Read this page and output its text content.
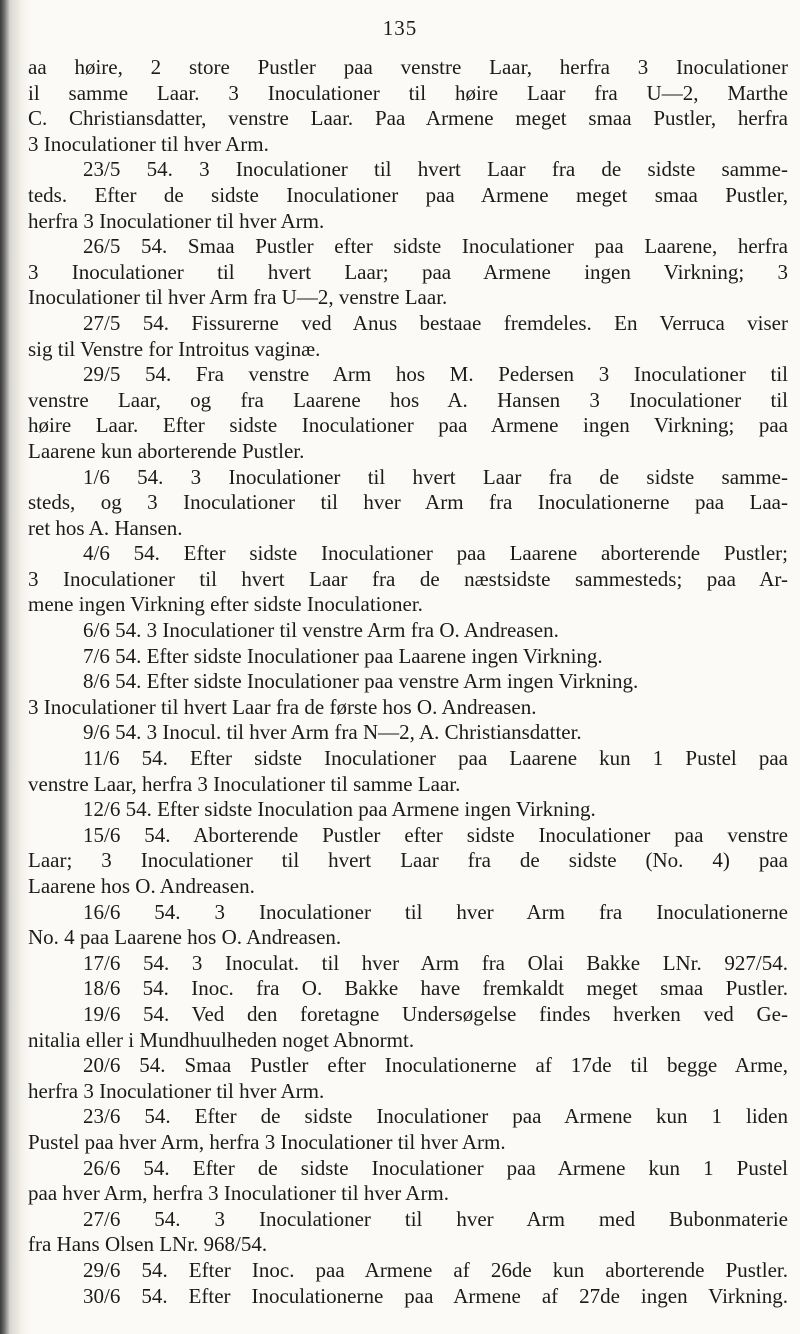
135
aa høire, 2 store Pustler paa venstre Laar, herfra 3 Inoculationer
il samme Laar. 3 Inoculationer til høire Laar fra U—2, Marthe
C. Christiansdatter, venstre Laar. Paa Armene meget smaa Pustler, herfra
3 Inoculationer til hver Arm.
23/5 54. 3 Inoculationer til hvert Laar fra de sidste samme-
teds. Efter de sidste Inoculationer paa Armene meget smaa Pustler,
herfra 3 Inoculationer til hver Arm.
26/5 54. Smaa Pustler efter sidste Inoculationer paa Laarene, herfra
3 Inoculationer til hvert Laar; paa Armene ingen Virkning; 3
Inoculationer til hver Arm fra U—2, venstre Laar.
27/5 54. Fissurerne ved Anus bestaae fremdeles. En Verruca viser
sig til Venstre for Introitus vaginæ.
29/5 54. Fra venstre Arm hos M. Pedersen 3 Inoculationer til
venstre Laar, og fra Laarene hos A. Hansen 3 Inoculationer til
høire Laar. Efter sidste Inoculationer paa Armene ingen Virkning; paa
Laarene kun aborterende Pustler.
1/6 54. 3 Inoculationer til hvert Laar fra de sidste samme-
steds, og 3 Inoculationer til hver Arm fra Inoculationerne paa Laa-
ret hos A. Hansen.
4/6 54. Efter sidste Inoculationer paa Laarene aborterende Pustler;
3 Inoculationer til hvert Laar fra de næstsidste sammesteds; paa Ar-
mene ingen Virkning efter sidste Inoculationer.
6/6 54. 3 Inoculationer til venstre Arm fra O. Andreasen.
7/6 54. Efter sidste Inoculationer paa Laarene ingen Virkning.
8/6 54. Efter sidste Inoculationer paa venstre Arm ingen Virkning.
3 Inoculationer til hvert Laar fra de første hos O. Andreasen.
9/6 54. 3 Inocul. til hver Arm fra N—2, A. Christiansdatter.
11/6 54. Efter sidste Inoculationer paa Laarene kun 1 Pustel paa
venstre Laar, herfra 3 Inoculationer til samme Laar.
12/6 54. Efter sidste Inoculation paa Armene ingen Virkning.
15/6 54. Aborterende Pustler efter sidste Inoculationer paa venstre
Laar; 3 Inoculationer til hvert Laar fra de sidste (No. 4) paa
Laarene hos O. Andreasen.
16/6 54. 3 Inoculationer til hver Arm fra Inoculationerne
No. 4 paa Laarene hos O. Andreasen.
17/6 54. 3 Inoculat. til hver Arm fra Olai Bakke LNr. 927/54.
18/6 54. Inoc. fra O. Bakke have fremkaldt meget smaa Pustler.
19/6 54. Ved den foretagne Undersøgelse findes hverken ved Ge-
nitalia eller i Mundhuulheden noget Abnormt.
20/6 54. Smaa Pustler efter Inoculationerne af 17de til begge Arme,
herfra 3 Inoculationer til hver Arm.
23/6 54. Efter de sidste Inoculationer paa Armene kun 1 liden
Pustel paa hver Arm, herfra 3 Inoculationer til hver Arm.
26/6 54. Efter de sidste Inoculationer paa Armene kun 1 Pustel
paa hver Arm, herfra 3 Inoculationer til hver Arm.
27/6 54. 3 Inoculationer til hver Arm med Bubonmaterie
fra Hans Olsen LNr. 968/54.
29/6 54. Efter Inoc. paa Armene af 26de kun aborterende Pustler.
30/6 54. Efter Inoculationerne paa Armene af 27de ingen Virkning.
